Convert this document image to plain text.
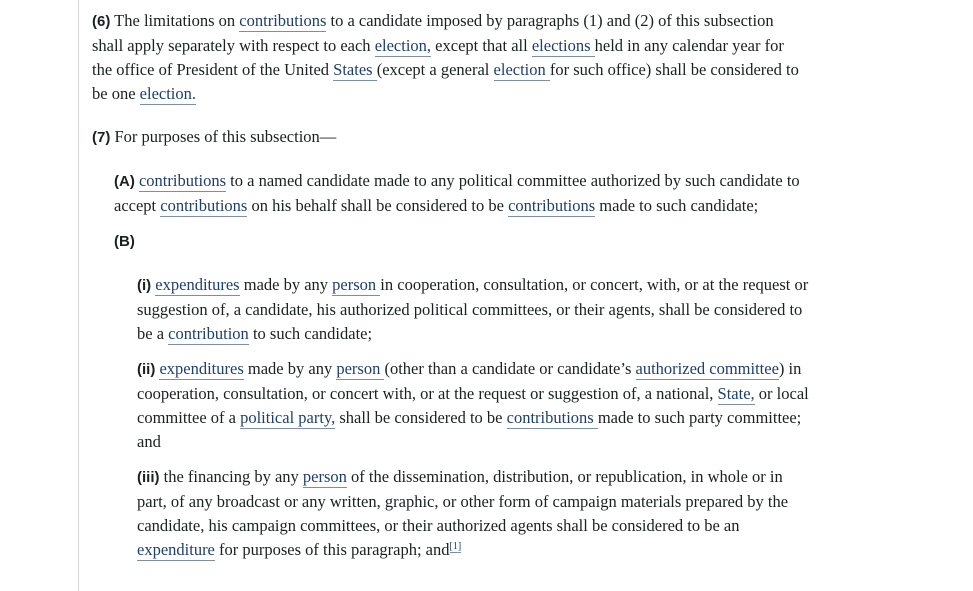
(6) The limitations on contributions to a candidate imposed by paragraphs (1) and (2) of this subsection shall apply separately with respect to each election, except that all elections held in any calendar year for the office of President of the United States (except a general election for such office) shall be considered to be one election.

(7) For purposes of this subsection—

(A) contributions to a named candidate made to any political committee authorized by such candidate to accept contributions on his behalf shall be considered to be contributions made to such candidate;

(B)

(i) expenditures made by any person in cooperation, consultation, or concert, with, or at the request or suggestion of, a candidate, his authorized political committees, or their agents, shall be considered to be a contribution to such candidate;

(ii) expenditures made by any person (other than a candidate or candidate’s authorized committee) in cooperation, consultation, or concert with, or at the request or suggestion of, a national, State, or local committee of a political party, shall be considered to be contributions made to such party committee; and

(iii) the financing by any person of the dissemination, distribution, or republication, in whole or in part, of any broadcast or any written, graphic, or other form of campaign materials prepared by the candidate, his campaign committees, or their authorized agents shall be considered to be an expenditure for purposes of this paragraph; and[1]
